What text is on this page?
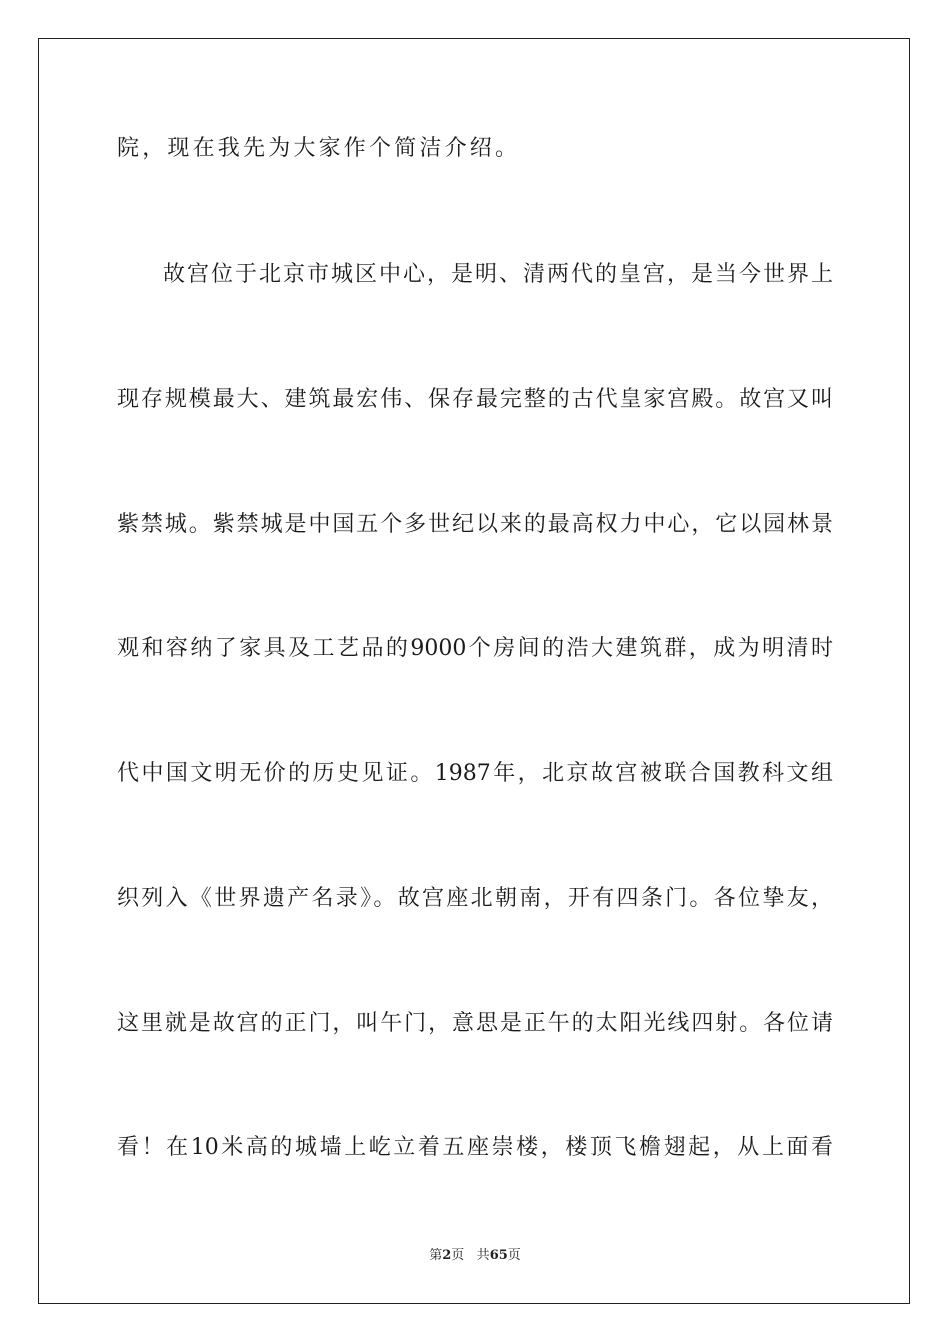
院，现在我先为大家作个简洁介绍。
故宫位于北京市城区中心，是明、清两代的皇宫，是当今世界上
现存规模最大、建筑最宏伟、保存最完整的古代皇家宫殿。故宫又叫
紫禁城。紫禁城是中国五个多世纪以来的最高权力中心，它以园林景
观和容纳了家具及工艺品的9000个房间的浩大建筑群，成为明清时
代中国文明无价的历史见证。1987年，北京故宫被联合国教科文组
织列入《世界遗产名录》。故宫座北朝南，开有四条门。各位挚友，
这里就是故宫的正门，叫午门，意思是正午的太阳光线四射。各位请
看！在10米高的城墙上屹立着五座崇楼，楼顶飞檐翅起，从上面看
第2页 共65页
